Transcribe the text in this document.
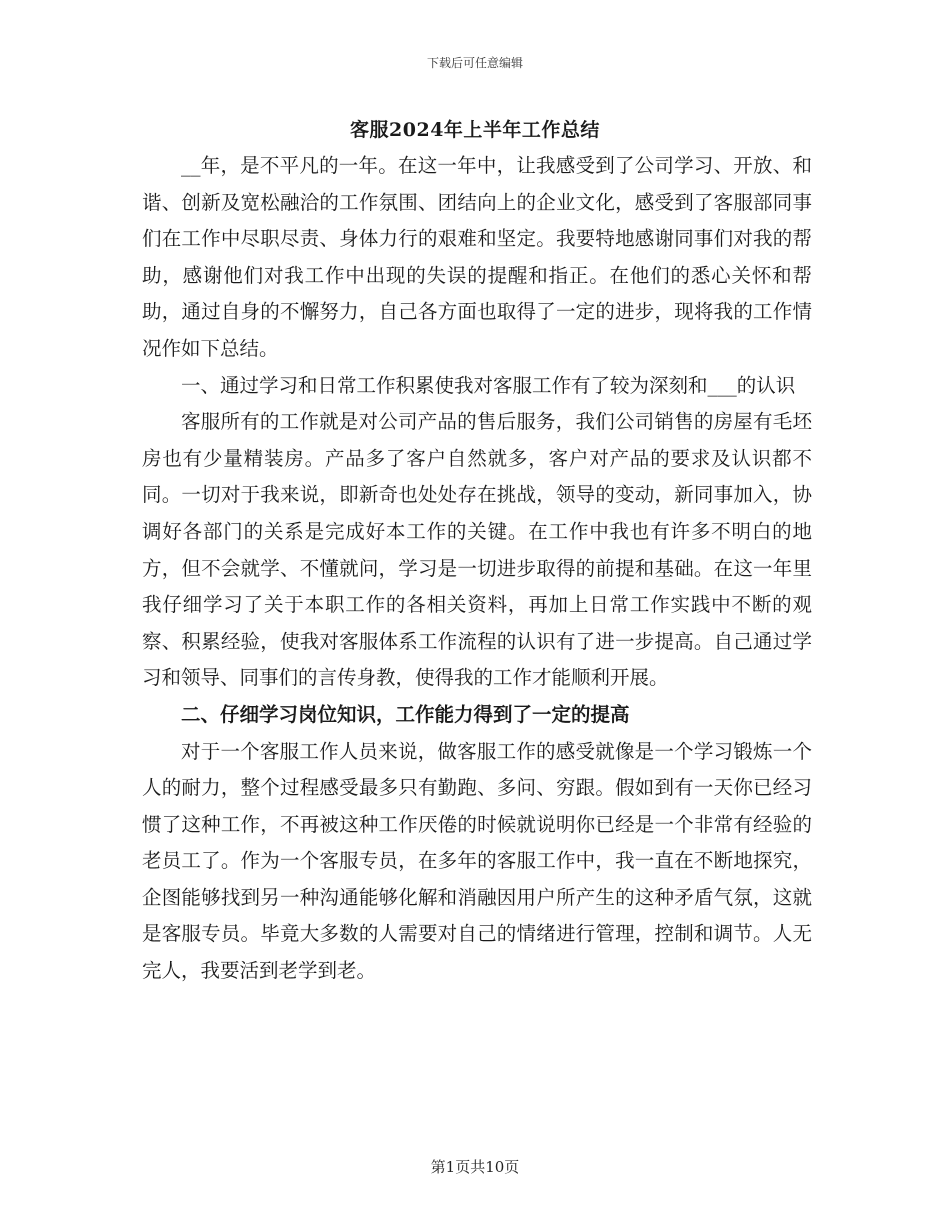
下载后可任意编辑
客服2024年上半年工作总结

__年，是不平凡的一年。在这一年中，让我感受到了公司学习、开放、和谐、创新及宽松融洽的工作氛围、团结向上的企业文化，感受到了客服部同事们在工作中尽职尽责、身体力行的艰难和坚定。我要特地感谢同事们对我的帮助，感谢他们对我工作中出现的失误的提醒和指正。在他们的悉心关怀和帮助，通过自身的不懈努力，自己各方面也取得了一定的进步，现将我的工作情况作如下总结。

一、通过学习和日常工作积累使我对客服工作有了较为深刻和___的认识

客服所有的工作就是对公司产品的售后服务，我们公司销售的房屋有毛坯房也有少量精装房。产品多了客户自然就多，客户对产品的要求及认识都不同。一切对于我来说，即新奇也处处存在挑战，领导的变动，新同事加入，协调好各部门的关系是完成好本工作的关键。在工作中我也有许多不明白的地方，但不会就学、不懂就问，学习是一切进步取得的前提和基础。在这一年里我仔细学习了关于本职工作的各相关资料，再加上日常工作实践中不断的观察、积累经验，使我对客服体系工作流程的认识有了进一步提高。自己通过学习和领导、同事们的言传身教，使得我的工作才能顺利开展。

二、仔细学习岗位知识，工作能力得到了一定的提高

对于一个客服工作人员来说，做客服工作的感受就像是一个学习锻炼一个人的耐力，整个过程感受最多只有勤跑、多问、穷跟。假如到有一天你已经习惯了这种工作，不再被这种工作厌倦的时候就说明你已经是一个非常有经验的老员工了。作为一个客服专员，在多年的客服工作中，我一直在不断地探究，企图能够找到另一种沟通能够化解和消融因用户所产生的这种矛盾气氛，这就是客服专员。毕竟大多数的人需要对自己的情绪进行管理，控制和调节。人无完人，我要活到老学到老。

第1页共10页
